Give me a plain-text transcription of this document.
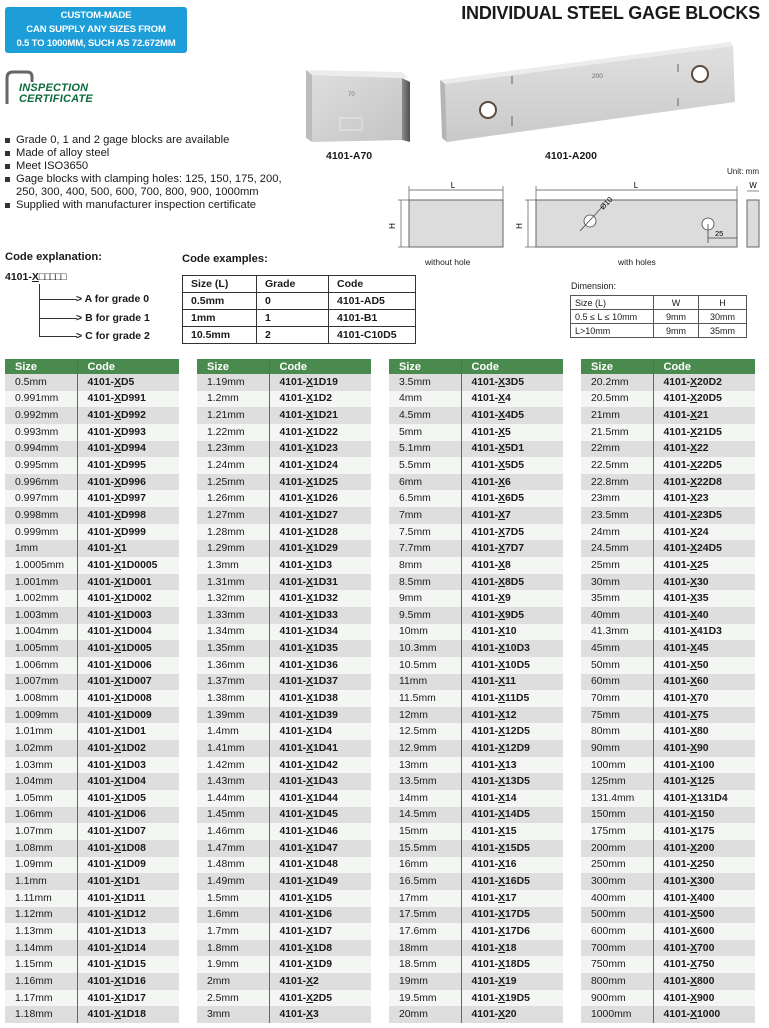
CUSTOM-MADE
CAN SUPPLY ANY SIZES FROM
0.5 TO 1000MM, SUCH AS 72.672MM
INDIVIDUAL STEEL GAGE BLOCKS
INSPECTION
CERTIFICATE
Grade 0, 1 and 2 gage blocks are available
Made of alloy steel
Meet ISO3650
Gage blocks with clamping holes: 125, 150, 175, 200,
250, 300, 400, 500, 600, 700, 800, 900, 1000mm
Supplied with manufacturer inspection certificate
70
4101-A70
200
4101-A200
Unit: mm
L
H
L
H
Ø10
25
W
without hole	with holes
Code explanation:
4101-X□□□□□
> A for grade 0
> B for grade 1
> C for grade 2
Code examples:
Size (L)	Grade	Code
0.5mm	0	4101-AD5
1mm	1	4101-B1
10.5mm	2	4101-C10D5
Dimension:
Size (L)	W	H
0.5 ≤ L ≤ 10mm	9mm	30mm
L>10mm	9mm	35mm
Size	Code
0.5mm	4101-XD5
0.991mm	4101-XD991
0.992mm	4101-XD992
0.993mm	4101-XD993
0.994mm	4101-XD994
0.995mm	4101-XD995
0.996mm	4101-XD996
0.997mm	4101-XD997
0.998mm	4101-XD998
0.999mm	4101-XD999
1mm	4101-X1
1.0005mm	4101-X1D0005
1.001mm	4101-X1D001
1.002mm	4101-X1D002
1.003mm	4101-X1D003
1.004mm	4101-X1D004
1.005mm	4101-X1D005
1.006mm	4101-X1D006
1.007mm	4101-X1D007
1.008mm	4101-X1D008
1.009mm	4101-X1D009
1.01mm	4101-X1D01
1.02mm	4101-X1D02
1.03mm	4101-X1D03
1.04mm	4101-X1D04
1.05mm	4101-X1D05
1.06mm	4101-X1D06
1.07mm	4101-X1D07
1.08mm	4101-X1D08
1.09mm	4101-X1D09
1.1mm	4101-X1D1
1.11mm	4101-X1D11
1.12mm	4101-X1D12
1.13mm	4101-X1D13
1.14mm	4101-X1D14
1.15mm	4101-X1D15
1.16mm	4101-X1D16
1.17mm	4101-X1D17
1.18mm	4101-X1D18
Size	Code
1.19mm	4101-X1D19
1.2mm	4101-X1D2
1.21mm	4101-X1D21
1.22mm	4101-X1D22
1.23mm	4101-X1D23
1.24mm	4101-X1D24
1.25mm	4101-X1D25
1.26mm	4101-X1D26
1.27mm	4101-X1D27
1.28mm	4101-X1D28
1.29mm	4101-X1D29
1.3mm	4101-X1D3
1.31mm	4101-X1D31
1.32mm	4101-X1D32
1.33mm	4101-X1D33
1.34mm	4101-X1D34
1.35mm	4101-X1D35
1.36mm	4101-X1D36
1.37mm	4101-X1D37
1.38mm	4101-X1D38
1.39mm	4101-X1D39
1.4mm	4101-X1D4
1.41mm	4101-X1D41
1.42mm	4101-X1D42
1.43mm	4101-X1D43
1.44mm	4101-X1D44
1.45mm	4101-X1D45
1.46mm	4101-X1D46
1.47mm	4101-X1D47
1.48mm	4101-X1D48
1.49mm	4101-X1D49
1.5mm	4101-X1D5
1.6mm	4101-X1D6
1.7mm	4101-X1D7
1.8mm	4101-X1D8
1.9mm	4101-X1D9
2mm	4101-X2
2.5mm	4101-X2D5
3mm	4101-X3
Size	Code
3.5mm	4101-X3D5
4mm	4101-X4
4.5mm	4101-X4D5
5mm	4101-X5
5.1mm	4101-X5D1
5.5mm	4101-X5D5
6mm	4101-X6
6.5mm	4101-X6D5
7mm	4101-X7
7.5mm	4101-X7D5
7.7mm	4101-X7D7
8mm	4101-X8
8.5mm	4101-X8D5
9mm	4101-X9
9.5mm	4101-X9D5
10mm	4101-X10
10.3mm	4101-X10D3
10.5mm	4101-X10D5
11mm	4101-X11
11.5mm	4101-X11D5
12mm	4101-X12
12.5mm	4101-X12D5
12.9mm	4101-X12D9
13mm	4101-X13
13.5mm	4101-X13D5
14mm	4101-X14
14.5mm	4101-X14D5
15mm	4101-X15
15.5mm	4101-X15D5
16mm	4101-X16
16.5mm	4101-X16D5
17mm	4101-X17
17.5mm	4101-X17D5
17.6mm	4101-X17D6
18mm	4101-X18
18.5mm	4101-X18D5
19mm	4101-X19
19.5mm	4101-X19D5
20mm	4101-X20
Size	Code
20.2mm	4101-X20D2
20.5mm	4101-X20D5
21mm	4101-X21
21.5mm	4101-X21D5
22mm	4101-X22
22.5mm	4101-X22D5
22.8mm	4101-X22D8
23mm	4101-X23
23.5mm	4101-X23D5
24mm	4101-X24
24.5mm	4101-X24D5
25mm	4101-X25
30mm	4101-X30
35mm	4101-X35
40mm	4101-X40
41.3mm	4101-X41D3
45mm	4101-X45
50mm	4101-X50
60mm	4101-X60
70mm	4101-X70
75mm	4101-X75
80mm	4101-X80
90mm	4101-X90
100mm	4101-X100
125mm	4101-X125
131.4mm	4101-X131D4
150mm	4101-X150
175mm	4101-X175
200mm	4101-X200
250mm	4101-X250
300mm	4101-X300
400mm	4101-X400
500mm	4101-X500
600mm	4101-X600
700mm	4101-X700
750mm	4101-X750
800mm	4101-X800
900mm	4101-X900
1000mm	4101-X1000
